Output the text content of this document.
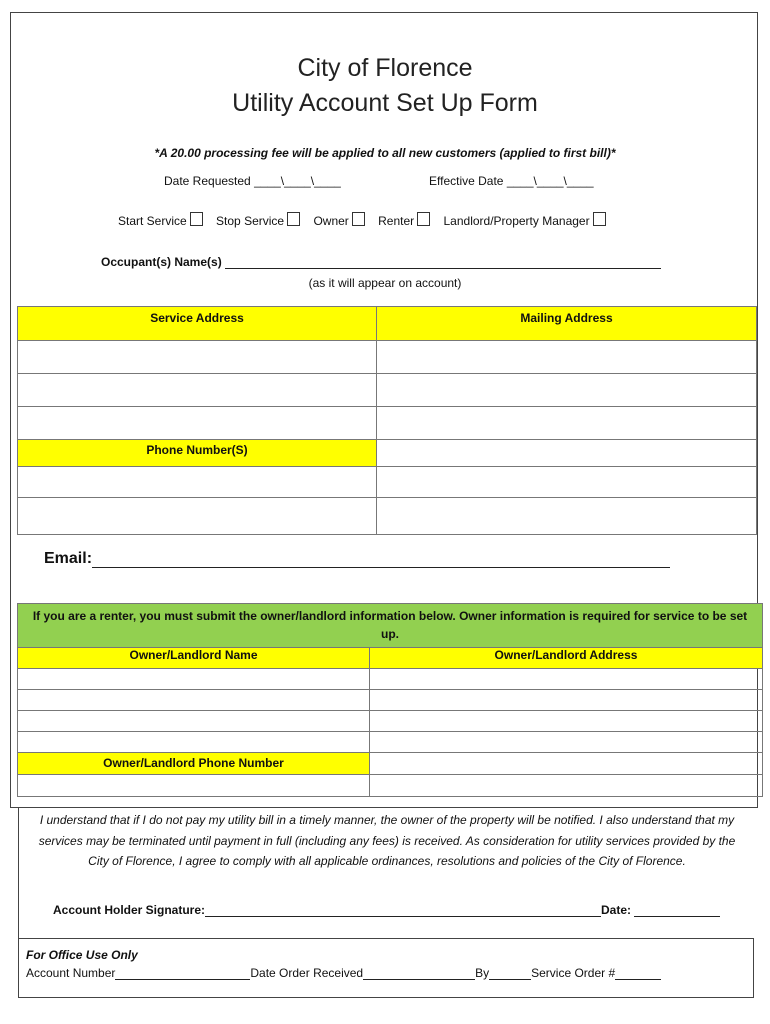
City of Florence
Utility Account Set Up Form
*A 20.00 processing fee will be applied to all new customers (applied to first bill)*
Date Requested ____\____\____	Effective Date ____\____\____
Start Service Stop Service Owner Renter Landlord/Property Manager
Occupant(s) Name(s)
(as it will appear on account)
Service Address	Mailing Address

Phone Number(S)	

Email:
If you are a renter, you must submit the owner/landlord information below. Owner information is required for service to be set up.	
Owner/Landlord Name	Owner/Landlord Address

Owner/Landlord Phone Number	

I understand that if I do not pay my utility bill in a timely manner, the owner of the property will be notified. I also understand that my services may be terminated until payment in full (including any fees) is received. As consideration for utility services provided by the City of Florence, I agree to comply with all applicable ordinances, resolutions and policies of the City of Florence.
Account Holder Signature:	Date:
For Office Use Only
Account Number	Date Order Received	By	Service Order #
